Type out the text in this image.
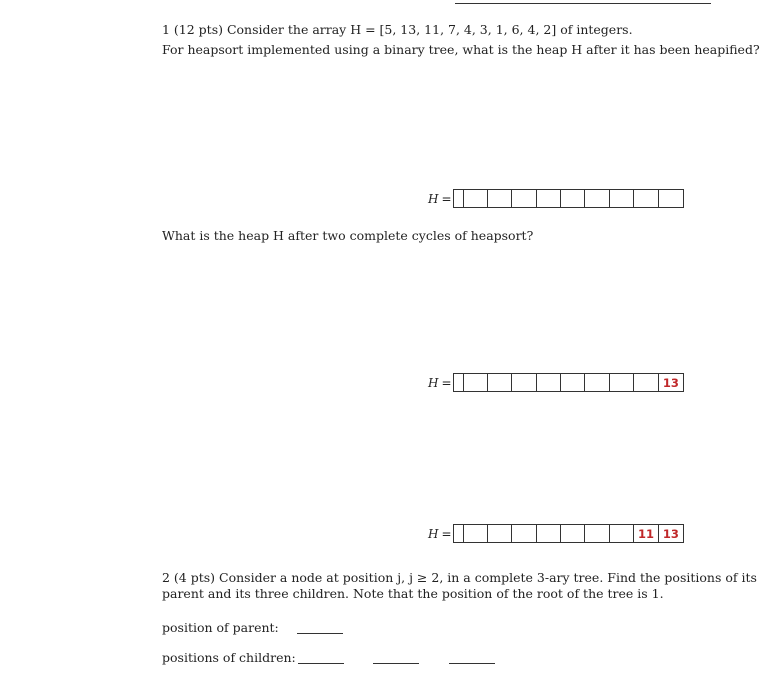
1 (12 pts) Consider the array H = [5, 13, 11, 7, 4, 3, 1, 6, 4, 2] of integers.
For heapsort implemented using a binary tree, what is the heap H after it has been heapified?
H =
What is the heap H after two complete cycles of heapsort?
H =	13
H =	11 13
2 (4 pts) Consider a node at position j, j ≥ 2, in a complete 3-ary tree. Find the positions of its
parent and its three children. Note that the position of the root of the tree is 1.
position of parent:
positions of children:
